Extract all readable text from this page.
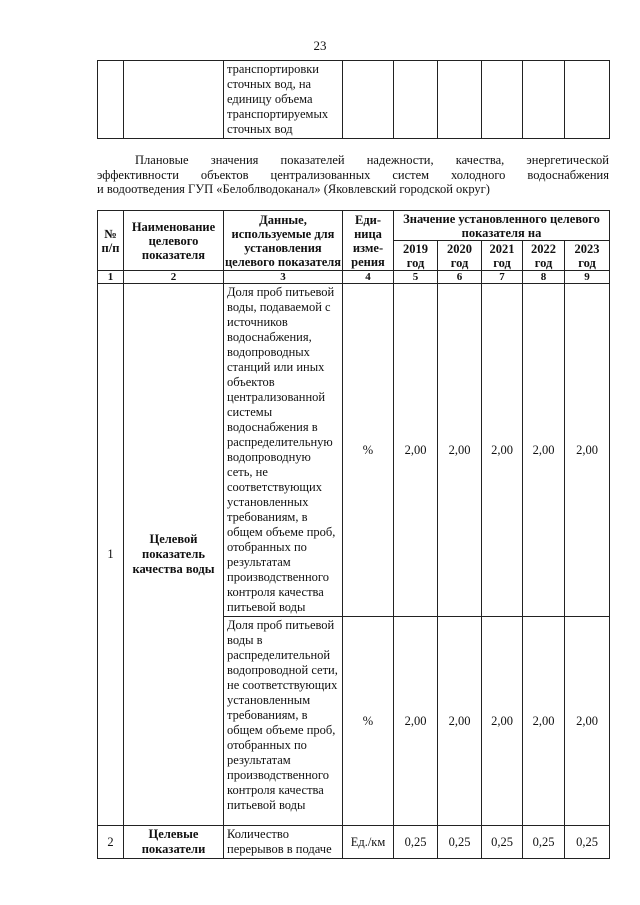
23
		транспортировки сточных вод, на единицу объема транспортируемых сточных вод						
Плановые значения показателей надежности, качества, энергетической
эффективности объектов централизованных систем холодного водоснабжения
и водоотведения ГУП «Белоблводоканал» (Яковлевский городской округ)
№ п/п	Наименование целевого показателя	Данные, используемые для установления целевого показателя	Еди-ница изме-рения	Значение установленного целевого показателя на				
				2019 год	2020 год	2021 год	2022 год	2023 год
1	2	3	4	5	6	7	8	9
1	Целевой показатель качества воды	Доля проб питьевой воды, подаваемой с источников водоснабжения, водопроводных станций или иных объектов централизованной системы водоснабжения в распределительную водопроводную сеть, не соответствующих установленных требованиям, в общем объеме проб, отобранных по результатам производственного контроля качества питьевой воды	%	2,00	2,00	2,00	2,00	2,00
		Доля проб питьевой воды в распределительной водопроводной сети, не соответствующих установленным требованиям, в общем объеме проб, отобранных по результатам производственного контроля качества питьевой воды	%	2,00	2,00	2,00	2,00	2,00
2	Целевые показатели	Количество перерывов в подаче	Ед./км	0,25	0,25	0,25	0,25	0,25
